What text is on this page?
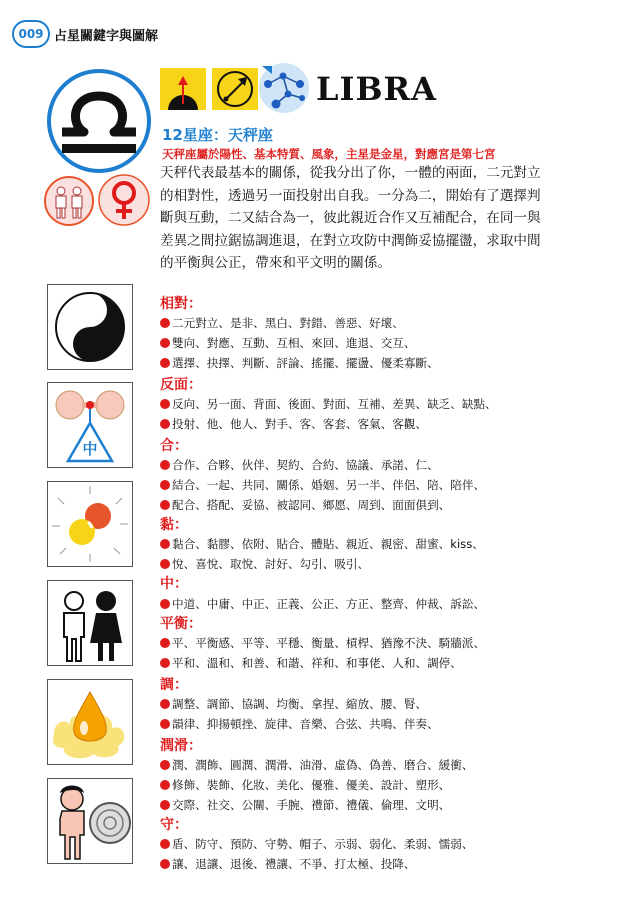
009 占星關鍵字與圖解
LIBRA
12星座：天秤座
天秤座屬於陽性、基本特質、風象，主星是金星，對應宮是第七宮

天秤代表最基本的關係，從我分出了你，一體的兩面，二元對立

的相對性，透過另一面投射出自我。一分為二，開始有了選擇判

斷與互動，二又結合為一，彼此親近合作又互補配合，在同一與

差異之間拉鋸協調進退，在對立攻防中潤飾妥協擺盪，求取中間

的平衡與公正，帶來和平文明的關係。

中
相對：
二元對立、是非、黑白、對錯、善惡、好壞、
雙向、對應、互動、互相、來回、進退、交互、
選擇、抉擇、判斷、評論、搖擺、擺盪、優柔寡斷、
反面：
反向、另一面、背面、後面、對面、互補、差異、缺乏、缺點、
投射、他、他人、對手、客、客套、客氣、客觀、
合：
合作、合夥、伙伴、契約、合約、協議、承諾、仁、
結合、一起、共同、關係、婚姻、另一半、伴侶、陪、陪伴、
配合、搭配、妥協、被認同、鄉愿、周到、面面俱到、
黏：
黏合、黏膠、依附、貼合、體貼、親近、親密、甜蜜、kiss、
悅、喜悅、取悅、討好、勾引、吸引、
中：
中道、中庸、中正、正義、公正、方正、整齊、仲裁、訴訟、
平衡：
平、平衡感、平等、平穩、衡量、槓桿、猶豫不決、騎牆派、
平和、溫和、和善、和諧、祥和、和事佬、人和、調停、
調：
調整、調節、協調、均衡、拿捏、縮放、腰、腎、
韻律、抑揚頓挫、旋律、音樂、合弦、共鳴、伴奏、
潤滑：
潤、潤飾、圓潤、潤滑、油滑、虛偽、偽善、磨合、緩衝、
修飾、裝飾、化妝、美化、優雅、優美、設計、塑形、
交際、社交、公關、手腕、禮節、禮儀、倫理、文明、
守：
盾、防守、預防、守勢、帽子、示弱、弱化、柔弱、懦弱、
讓、退讓、退後、禮讓、不爭、打太極、投降、
